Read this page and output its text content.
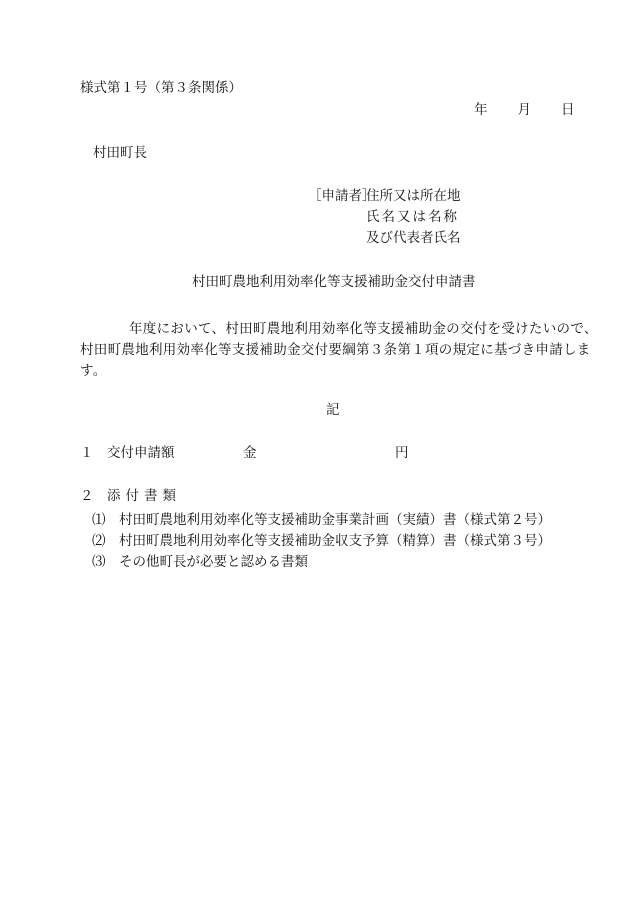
様式第１号（第３条関係）
年 月 日
村田町長
［申請者］
住所又は所在地
氏名又は名称
及び代表者氏名
村田町農地利用効率化等支援補助金交付申請書
年度において、村田町農地利用効率化等支援補助金の交付を受けたいので、
村田町農地利用効率化等支援補助金交付要綱第３条第１項の規定に基づき申請しま
す。
記
１	交付申請額	金	円
２	添付書類
⑴	村田町農地利用効率化等支援補助金事業計画（実績）書（様式第２号）
⑵	村田町農地利用効率化等支援補助金収支予算（精算）書（様式第３号）
⑶	その他町長が必要と認める書類
